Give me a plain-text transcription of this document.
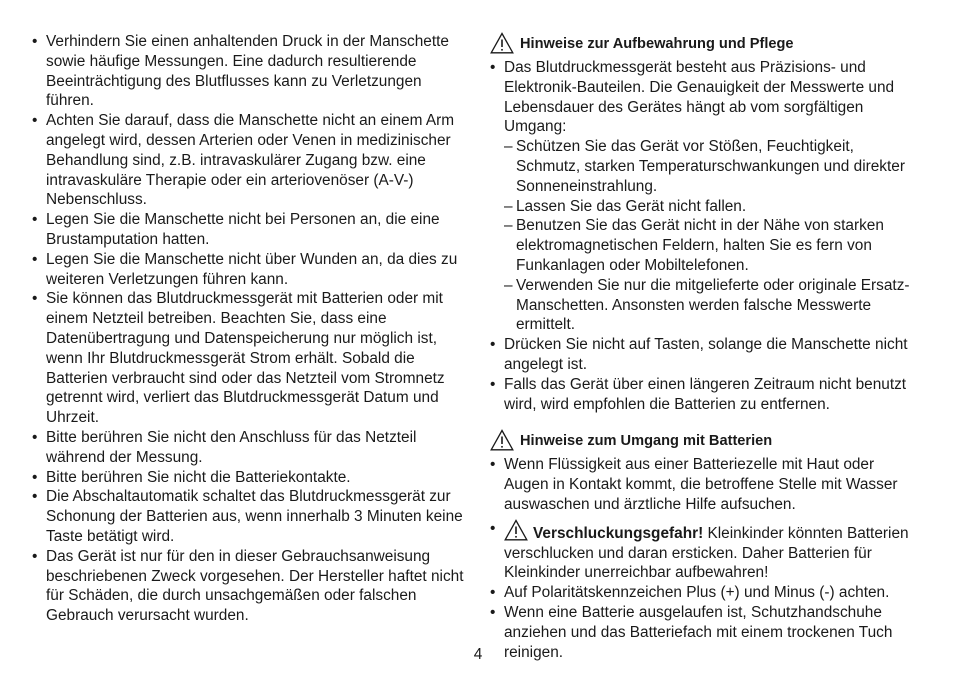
• Verhindern Sie einen anhaltenden Druck in der Manschette sowie häufige Messungen. Eine dadurch resultierende Beeinträchtigung des Blutflusses kann zu Verletzungen führen.
• Achten Sie darauf, dass die Manschette nicht an einem Arm angelegt wird, dessen Arterien oder Venen in medizinischer Behandlung sind, z.B. intravaskulärer Zugang bzw. eine intravaskuläre Therapie oder ein arteriovenöser (A-V-) Nebenschluss.
• Legen Sie die Manschette nicht bei Personen an, die eine Brustamputation hatten.
• Legen Sie die Manschette nicht über Wunden an, da dies zu weiteren Verletzungen führen kann.
• Sie können das Blutdruckmessgerät mit Batterien oder mit einem Netzteil betreiben. Beachten Sie, dass eine Datenübertragung und Datenspeicherung nur möglich ist, wenn Ihr Blutdruckmessgerät Strom erhält. Sobald die Batterien verbraucht sind oder das Netzteil vom Stromnetz getrennt wird, verliert das Blutdruckmessgerät Datum und Uhrzeit.
• Bitte berühren Sie nicht den Anschluss für das Netzteil während der Messung.
• Bitte berühren Sie nicht die Batteriekontakte.
• Die Abschaltautomatik schaltet das Blutdruckmessgerät zur Schonung der Batterien aus, wenn innerhalb 3 Minuten keine Taste betätigt wird.
• Das Gerät ist nur für den in dieser Gebrauchsanweisung beschriebenen Zweck vorgesehen. Der Hersteller haftet nicht für Schäden, die durch unsachgemäßen oder falschen Gebrauch verursacht wurden.
Hinweise zur Aufbewahrung und Pflege
• Das Blutdruckmessgerät besteht aus Präzisions- und Elektronik-Bauteilen. Die Genauigkeit der Messwerte und Lebensdauer des Gerätes hängt ab vom sorgfältigen Umgang:
– Schützen Sie das Gerät vor Stößen, Feuchtigkeit, Schmutz, starken Temperaturschwankungen und direkter Sonneneinstrahlung.
– Lassen Sie das Gerät nicht fallen.
– Benutzen Sie das Gerät nicht in der Nähe von starken elektromagnetischen Feldern, halten Sie es fern von Funkanlagen oder Mobiltelefonen.
– Verwenden Sie nur die mitgelieferte oder originale Ersatz-Manschetten. Ansonsten werden falsche Messwerte ermittelt.
• Drücken Sie nicht auf Tasten, solange die Manschette nicht angelegt ist.
• Falls das Gerät über einen längeren Zeitraum nicht benutzt wird, wird empfohlen die Batterien zu entfernen.
Hinweise zum Umgang mit Batterien
• Wenn Flüssigkeit aus einer Batteriezelle mit Haut oder Augen in Kontakt kommt, die betroffene Stelle mit Wasser auswaschen und ärztliche Hilfe aufsuchen.
• Verschluckungsgefahr! Kleinkinder könnten Batterien verschlucken und daran ersticken. Daher Batterien für Kleinkinder unerreichbar aufbewahren!
• Auf Polaritätskennzeichen Plus (+) und Minus (-) achten.
• Wenn eine Batterie ausgelaufen ist, Schutzhandschuhe anziehen und das Batteriefach mit einem trockenen Tuch reinigen.
4
